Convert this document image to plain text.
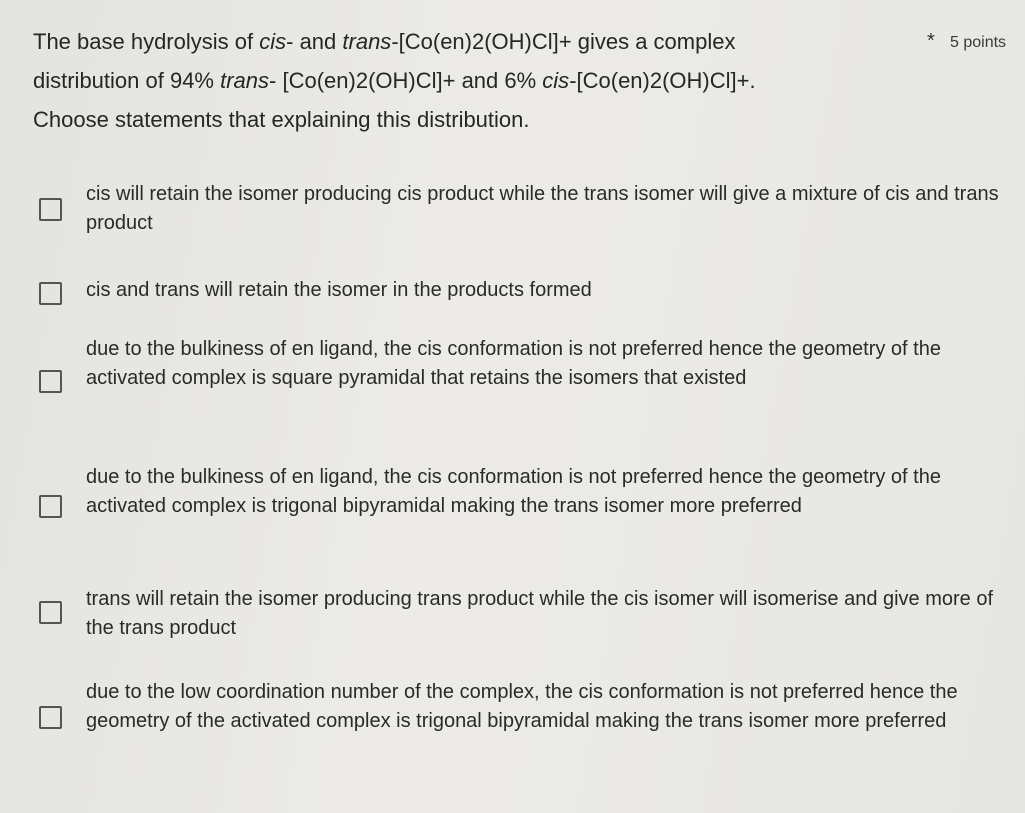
The base hydrolysis of cis- and trans-[Co(en)2(OH)Cl]+ gives a complex
distribution of 94% trans- [Co(en)2(OH)Cl]+ and 6% cis-[Co(en)2(OH)Cl]+.
Choose statements that explaining this distribution.
* 5 points
cis will retain the isomer producing cis product while the trans isomer will give a mixture of cis and trans product
cis and trans will retain the isomer in the products formed
due to the bulkiness of en ligand, the cis conformation is not preferred hence the geometry of the activated complex is square pyramidal that retains the isomers that existed
due to the bulkiness of en ligand, the cis conformation is not preferred hence the geometry of the activated complex is trigonal bipyramidal making the trans isomer more preferred
trans will retain the isomer producing trans product while the cis isomer will isomerise and give more of the trans product
due to the low coordination number of the complex, the cis conformation is not preferred hence the geometry of the activated complex is trigonal bipyramidal making the trans isomer more preferred
